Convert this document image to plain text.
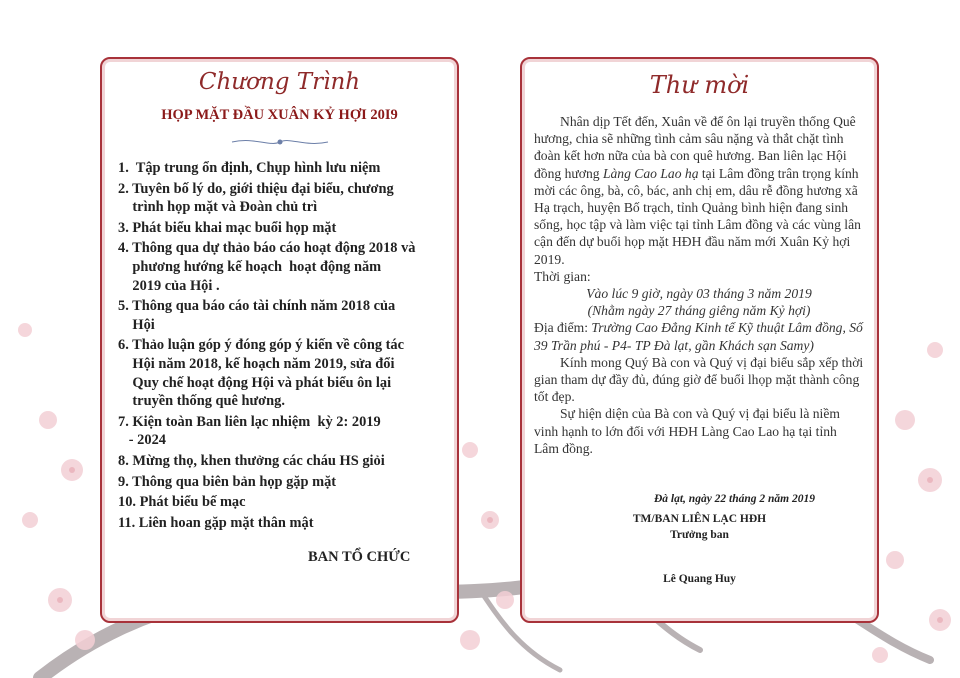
Chương Trình
HỌP MẶT ĐẦU XUÂN KỶ HỢI 20I9
1.  Tập trung ổn định, Chụp hình lưu niệm
2. Tuyên bố lý do, giới thiệu đại biểu, chương
trình họp mặt và Đoàn chủ trì
3. Phát biểu khai mạc buổi họp mặt
4. Thông qua dự thảo báo cáo hoạt động 2018 và
phương hướng kế hoạch  hoạt động năm
2019 của Hội .
5. Thông qua báo cáo tài chính năm 2018 của
Hội
6. Thảo luận góp ý đóng góp ý kiến về công tác
Hội năm 2018, kế hoạch năm 2019, sửa đổi
Quy chế hoạt động Hội và phát biểu ôn lại
truyền thống quê hương.
7. Kiện toàn Ban liên lạc nhiệm  kỳ 2: 2019
- 2024
8. Mừng thọ, khen thưởng các cháu HS giỏi
9. Thông qua biên bản họp gặp mặt
10. Phát biểu bế mạc
11. Liên hoan gặp mặt thân mật
BAN TỔ CHỨC
Thư mời

Nhân dịp Tết đến, Xuân về để ôn lại truyền thống Quê hương, chia sẽ những tình cảm sâu nặng và thắt chặt tình đoàn kết hơn nữa của bà con quê hương. Ban liên lạc Hội đồng hương Làng Cao Lao hạ tại Lâm đồng trân trọng kính mời các ông, bà, cô, bác, anh chị em, dâu rễ đồng hương xã Hạ trạch, huyện Bố trạch, tỉnh Quảng bình hiện đang sinh sống, học tập và làm việc tại tỉnh Lâm đồng và các vùng lân cận đến dự buổi họp mặt HĐH đầu năm mới Xuân Kỷ hợi 2019.

Thời gian:

Vào lúc 9 giờ, ngày 03 tháng 3 năm 2019

(Nhằm ngày 27 tháng giêng năm Kỷ hợi)

Địa điểm: Trường Cao Đẳng Kinh tế Kỹ thuật Lâm đồng, Số 39 Trần phú - P4- TP Đà lạt, gần Khách sạn Samy)

Kính mong Quý Bà con và Quý vị đại biểu sắp xếp thời gian tham dự đầy đủ, đúng giờ để buổi lhọp mặt thành công tốt đẹp.

Sự hiện diện của Bà con và Quý vị đại biểu là niềm vinh hạnh to lớn đối với HĐH Làng Cao Lao hạ tại tỉnh Lâm đồng.

Đà lạt, ngày 22 tháng 2 năm 2019
TM/BAN LIÊN LẠC HĐH
Trưởng ban
Lê Quang Huy
